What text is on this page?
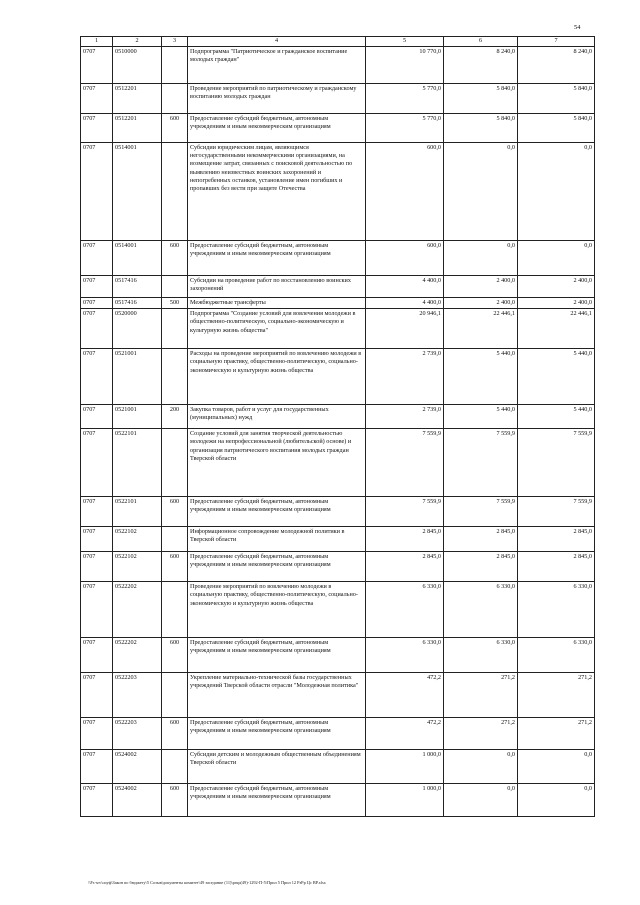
54
1	2	3	4	5	6	7
0707	0510000		Подпрограмма "Патриотическое и гражданское воспитание молодых граждан"	10 770,0	8 240,0	8 240,0
0707	0512201		Проведение мероприятий по патриотическому и гражданскому воспитанию молодых граждан	5 770,0	5 840,0	5 840,0
0707	0512201	600	Предоставление субсидий бюджетным, автономным учреждениям и иным некоммерческим организациям	5 770,0	5 840,0	5 840,0
0707	0514001		Субсидии юридическим лицам, являющимся негосударственными некоммерческими организациями, на возмещение затрат, связанных с поисковой деятельностью по выявлению неизвестных воинских захоронений и непогребенных останков, установление имен погибших и пропавших без вести при защите Отечества	600,0	0,0	0,0
0707	0514001	600	Предоставление субсидий бюджетным, автономным учреждениям и иным некоммерческим организациям	600,0	0,0	0,0
0707	0517416		Субсидии на проведение работ по восстановлению воинских захоронений	4 400,0	2 400,0	2 400,0
0707	0517416	500	Межбюджетные трансферты	4 400,0	2 400,0	2 400,0
0707	0520000		Подпрограмма "Создание условий для вовлечения молодежи в общественно-политическую, социально-экономическую и культурную жизнь общества"	20 946,1	22 446,1	22 446,1
0707	0521001		Расходы на проведение мероприятий по вовлечению молодежи в социальную практику, общественно-политическую, социально-экономическую и культурную жизнь общества	2 739,0	5 440,0	5 440,0
0707	0521001	200	Закупка товаров, работ и услуг для государственных (муниципальных) нужд	2 739,0	5 440,0	5 440,0
0707	0522101		Создание условий для занятия творческой деятельностью молодежи на непрофессиональной (любительской) основе) и организация патриотического воспитания молодых граждан Тверской области	7 559,9	7 559,9	7 559,9
0707	0522101	600	Предоставление субсидий бюджетным, автономным учреждениям и иным некоммерческим организациям	7 559,9	7 559,9	7 559,9
0707	0522102		Информационное сопровождение молодежной политики в Тверской области	2 845,0	2 845,0	2 845,0
0707	0522102	600	Предоставление субсидий бюджетным, автономным учреждениям и иным некоммерческим организациям	2 845,0	2 845,0	2 845,0
0707	0522202		Проведение мероприятий по вовлечению молодежи в социальную практику, общественно-политическую, социально-экономическую и культурную жизнь общества	6 330,0	6 330,0	6 330,0
0707	0522202	600	Предоставление субсидий бюджетным, автономным учреждениям и иным некоммерческим организациям	6 330,0	6 330,0	6 330,0
0707	0522203		Укрепление материально-технической базы государственных учреждений Тверской области отрасли "Молодежная политика"	472,2	271,2	271,2
0707	0522203	600	Предоставление субсидий бюджетным, автономным учреждениям и иным некоммерческим организациям	472,2	271,2	271,2
0707	0524002		Субсидии детским и молодежным общественным объединениям Тверской области	1 000,0	0,0	0,0
0707	0524002	600	Предоставление субсидий бюджетным, автономным учреждениям и иным некоммерческим организациям	1 000,0	0,0	0,0
\\Fs-srv\сиуф\Закон по бюджету\5 Созыв\документы комитет\49 заседание (11)\prup(49)-1292-П-5\Прил 5 Прил 12 PзPp Цс ВР.xlsx
